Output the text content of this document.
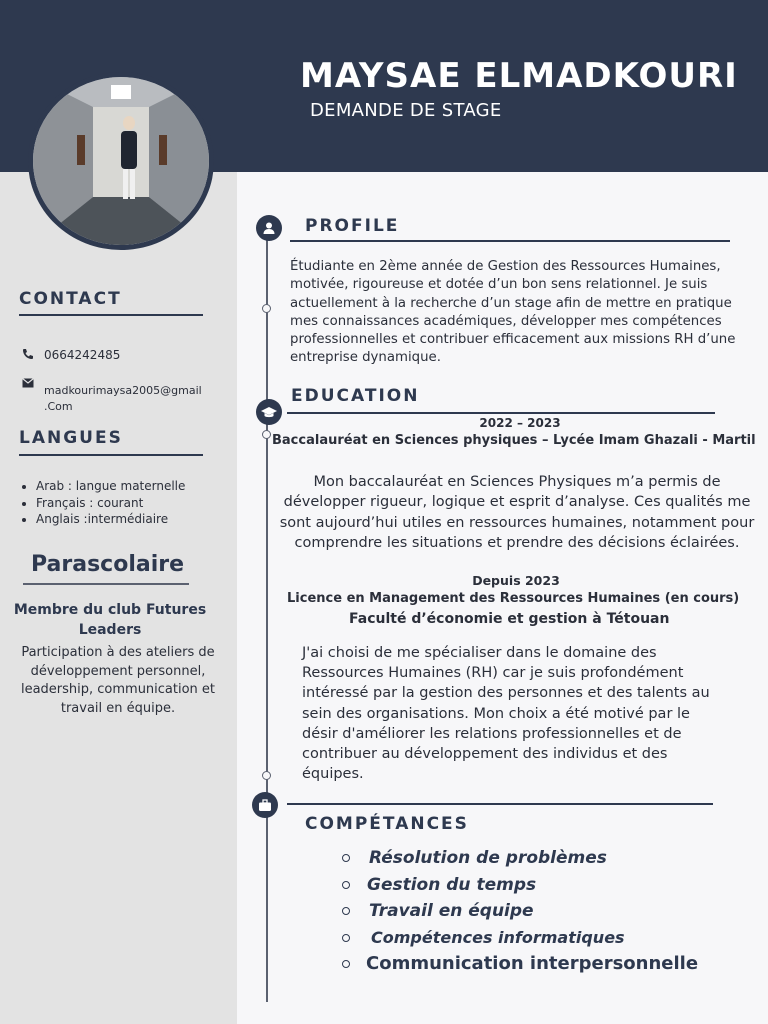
MAYSAE ELMADKOURI
DEMANDE DE STAGE
CONTACT
0664242485
madkourimaysa2005@gmail
.Com
LANGUES
• Arab : langue maternelle
• Français : courant
• Anglais :intermédiaire
Parascolaire
Membre du club Futures
Leaders
Participation à des ateliers de développement personnel, leadership, communication et travail en équipe.
PROFILE
Étudiante en 2ème année de Gestion des Ressources Humaines, motivée, rigoureuse et dotée d’un bon sens relationnel. Je suis actuellement à la recherche d’un stage afin de mettre en pratique mes connaissances académiques, développer mes compétences professionnelles et contribuer efficacement aux missions RH d’une entreprise dynamique.
EDUCATION
2022 – 2023
Baccalauréat en Sciences physiques – Lycée Imam Ghazali - Martil
Mon baccalauréat en Sciences Physiques m’a permis de développer rigueur, logique et esprit d’analyse. Ces qualités me sont aujourd’hui utiles en ressources humaines, notamment pour comprendre les situations et prendre des décisions éclairées.
Depuis 2023
Licence en Management des Ressources Humaines (en cours)
Faculté d’économie et gestion à Tétouan
J'ai choisi de me spécialiser dans le domaine des Ressources Humaines (RH) car je suis profondément intéressé par la gestion des personnes et des talents au sein des organisations. Mon choix a été motivé par le désir d'améliorer les relations professionnelles et de contribuer au développement des individus et des équipes.
COMPÉTANCES
Résolution de problèmes
Gestion du temps
Travail en équipe
Compétences informatiques
Communication interpersonnelle
